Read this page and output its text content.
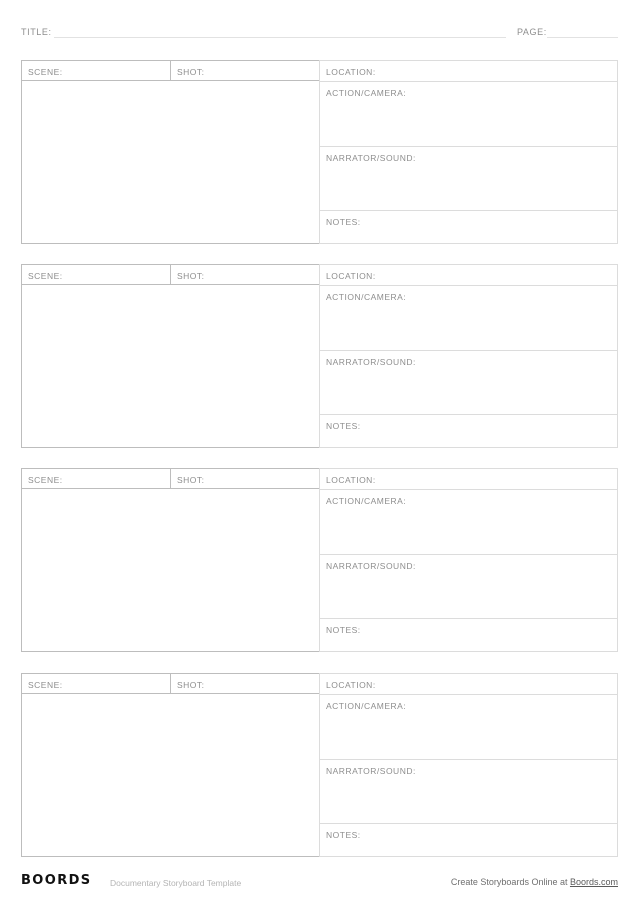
TITLE:	PAGE:
SCENE:	SHOT:	LOCATION:
ACTION/CAMERA:
NARRATOR/SOUND:
NOTES:
SCENE:	SHOT:	LOCATION:
ACTION/CAMERA:
NARRATOR/SOUND:
NOTES:
SCENE:	SHOT:	LOCATION:
ACTION/CAMERA:
NARRATOR/SOUND:
NOTES:
SCENE:	SHOT:	LOCATION:
ACTION/CAMERA:
NARRATOR/SOUND:
NOTES:
BOORDS Documentary Storyboard Template	Create Storyboards Online at Boords.com
